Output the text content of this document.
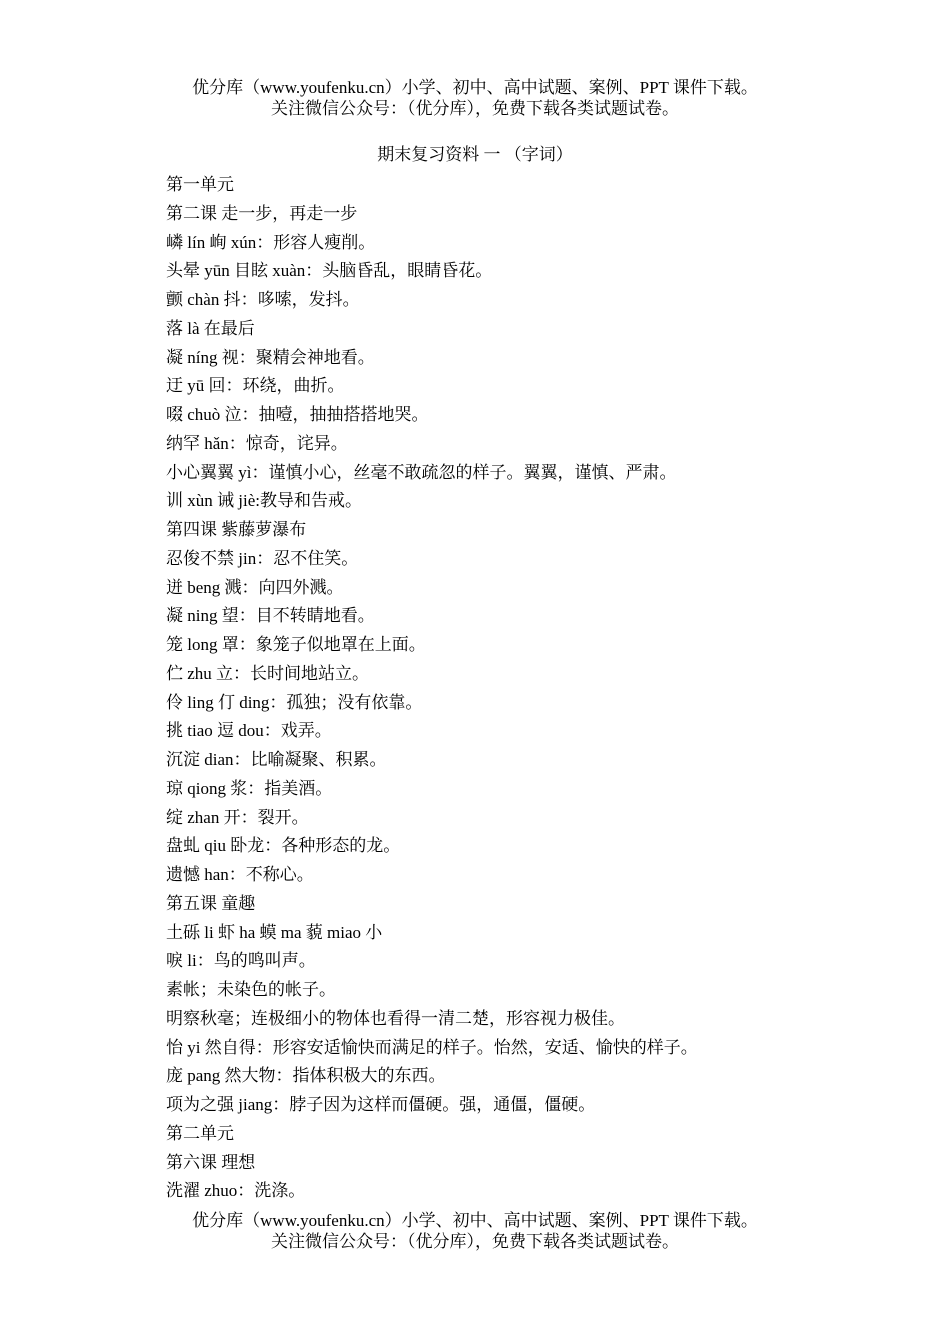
优分库（www.youfenku.cn）小学、初中、高中试题、案例、PPT 课件下载。
关注微信公众号：（优分库），免费下载各类试题试卷。
期末复习资料 一 （字词）
第一单元
第二课 走一步，再走一步
嶙 lín 峋 xún：形容人瘦削。
头晕 yūn 目眩 xuàn：头脑昏乱，眼睛昏花。
颤 chàn 抖：哆嗦，发抖。
落 là 在最后
凝 níng 视：聚精会神地看。
迂 yū 回：环绕，曲折。
啜 chuò 泣：抽噎，抽抽搭搭地哭。
纳罕 hǎn：惊奇，诧异。
小心翼翼 yì：谨慎小心，丝毫不敢疏忽的样子。翼翼，谨慎、严肃。
训 xùn 诫 jiè:教导和告戒。
第四课 紫藤萝瀑布
忍俊不禁 jin：忍不住笑。
迸 beng 溅：向四外溅。
凝 ning 望：目不转睛地看。
笼 long 罩：象笼子似地罩在上面。
伫 zhu 立：长时间地站立。
伶 ling 仃 ding：孤独；没有依靠。
挑 tiao 逗 dou：戏弄。
沉淀 dian：比喻凝聚、积累。
琼 qiong 浆：指美酒。
绽 zhan 开：裂开。
盘虬 qiu 卧龙：各种形态的龙。
遗憾 han：不称心。
第五课 童趣
土砾 li 虾 ha 蟆 ma 藐 miao 小
唳 li：鸟的鸣叫声。
素帐；未染色的帐子。
明察秋毫；连极细小的物体也看得一清二楚，形容视力极佳。
怡 yi 然自得：形容安适愉快而满足的样子。怡然，安适、愉快的样子。
庞 pang 然大物：指体积极大的东西。
项为之强 jiang：脖子因为这样而僵硬。强，通僵，僵硬。
第二单元
第六课 理想
洗濯 zhuo：洗涤。
优分库（www.youfenku.cn）小学、初中、高中试题、案例、PPT 课件下载。
关注微信公众号：（优分库），免费下载各类试题试卷。
